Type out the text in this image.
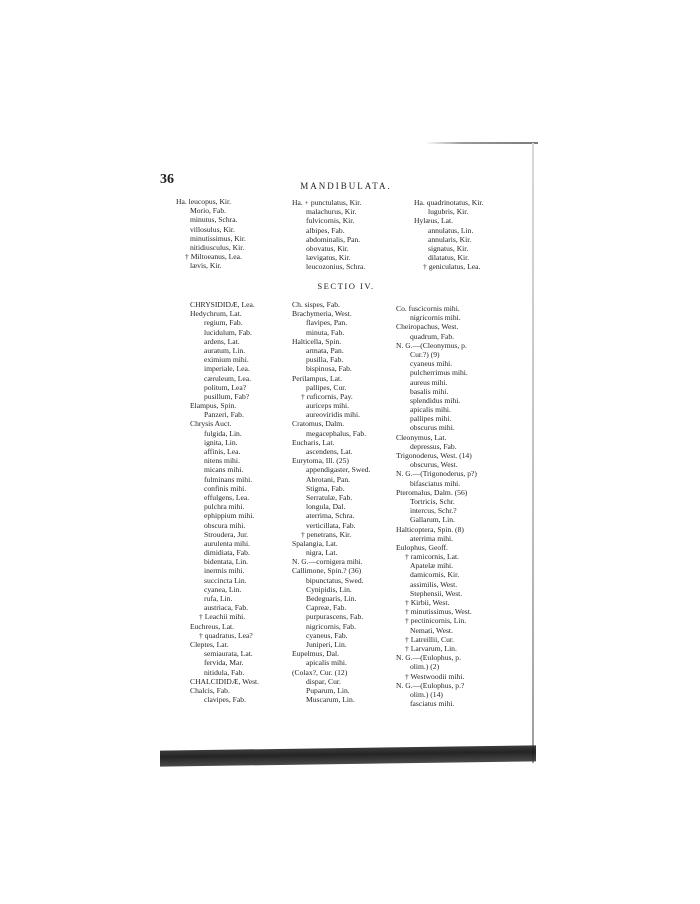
36	MANDIBULATA.
Ha. leucopus, Kir.
Morio, Fab.
minutus, Schra.
villosulus, Kir.
minutissimus, Kir.
nitidiusculus, Kir.
† Miltoeanus, Lea.
lævis, Kir.
Ha. + punctulatus, Kir.
malachurus, Kir.
fulvicornis, Kir.
albipes, Fab.
abdominalis, Pan.
obovatus, Kir.
lævigatus, Kir.
leucozonius, Schra.
Ha. quadrinotatus, Kir.
lugubris, Kir.
Hylæus, Lat.
annulatus, Lin.
annularis, Kir.
signatus, Kir.
dilatatus, Kir.
† geniculatus, Lea.
SECTIO IV.
CHRYSIDIDÆ, Lea.
Hedychrum, Lat.
regium, Fab.
lucidulum, Fab.
ardens, Lat.
auratum, Lin.
eximium mihi.
imperiale, Lea.
cæruleum, Lea.
politum, Lea?
pusillum, Fab?
Elampus, Spin.
Panzeri, Fab.
Chrysis Auct.
fulgida, Lin.
ignita, Lin.
affinis, Lea.
nitens mihi.
micans mihi.
fulminans mihi.
confinis mihi.
effulgens, Lea.
pulchra mihi.
ephippium mihi.
obscura mihi.
Stroudera, Jur.
aurulenta mihi.
dimidiata, Fab.
bidentata, Lin.
inermis mihi.
succincta Lin.
cyanea, Lin.
rufa, Lin.
austriaca, Fab.
† Leachii mihi.
Euchreus, Lat.
† quadratus, Lea?
Cleptes, Lat.
semiaurata, Lat.
fervida, Mar.
nitidula, Fab.
CHALCIDIDÆ, West.
Chalcis, Fab.
clavipes, Fab.
Ch. sispes, Fab.
Brachymeria, West.
flavipes, Pan.
minuta, Fab.
Halticella, Spin.
armata, Pan.
pusilla, Fab.
bispinosa, Fab.
Perilampus, Lat.
pallipes, Cur.
† ruficornis, Pay.
auriceps mihi.
aureoviridis mihi.
Cratomus, Dalm.
megacephalus, Fab.
Eucharis, Lat.
ascendens, Lat.
Eurytoma, Ill. (25)
appendigaster, Swed.
Abrotani, Pan.
Stigma, Fab.
Serratulæ, Fab.
longula, Dal.
aterrima, Schra.
verticillata, Fab.
† penetrans, Kir.
Spalangia, Lat.
nigra, Lat.
N. G.—cornigera mihi.
Callimone, Spin.? (36)
bipunctatus, Swed.
Cynipidis, Lin.
Bedeguaris, Lin.
Capreæ, Fab.
purpurascens, Fab.
nigricornis, Fab.
cyaneus, Fab.
Juniperi, Lin.
Eupelmus, Dal.
apicalis mihi.
(Colax?, Cur. (12)
dispar, Cur.
Puparum, Lin.
Muscarum, Lin.
Co. fuscicornis mihi.
nigricornis mihi.
Cheiropachus, West.
quadrum, Fab.
N. G.—(Cleonymus, p.
Cur.?) (9)
cyaneus mihi.
pulcherrimus mihi.
aureus mihi.
basalis mihi.
splendidus mihi.
apicalis mihi.
pallipes mihi.
obscurus mihi.
Cleonymus, Lat.
depressus, Fab.
Trigonoderus, West. (14)
obscurus, West.
N. G.—(Trigonoderus, p?)
bifasciatus mihi.
Pteromalus, Dalm. (56)
Tortricis, Schr.
intercus, Schr.?
Gallarum, Lin.
Halticoptera, Spin. (8)
aterrima mihi.
Eulophus, Geoff.
† ramicornis, Lat.
Apatelæ mihi.
damicornis, Kir.
assimilis, West.
Stephensii, West.
† Kirbii, West.
† minutissimus, West.
† pectinicornis, Lin.
Nemati, West.
† Latreillii, Cur.
† Larvarum, Lin.
N. G.—(Eulophus, p.
olim.) (2)
† Westwoodii mihi.
N. G.—(Eulophus, p.?
olim.) (14)
fasciatus mihi.
